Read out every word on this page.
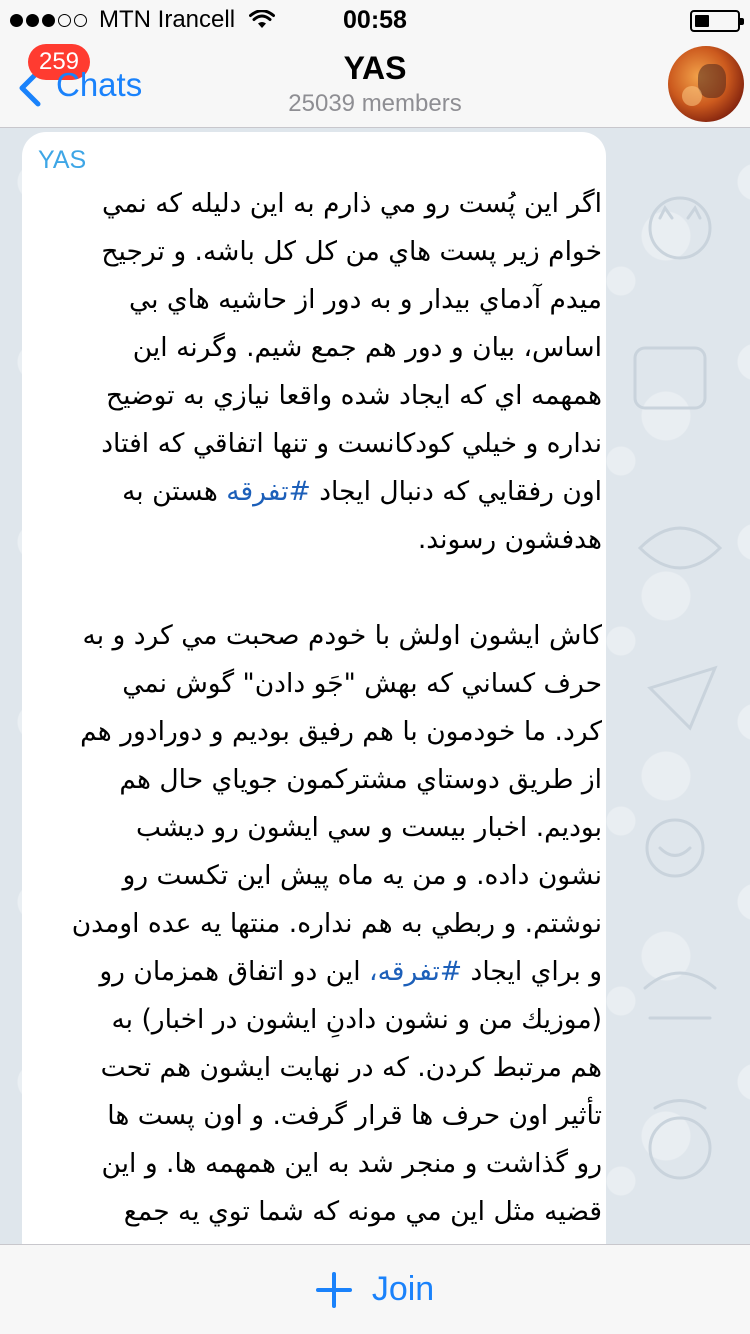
MTN Irancell	00:58
259
Chats	YAS
25039 members
YAS
اگر اين پُست رو مي ذارم به اين دليله كه نمي
خوام زير پست هاي من كل كل باشه. و ترجيح
ميدم آدماي بيدار و به دور از حاشيه هاي بي
اساس، بيان و دور هم جمع شيم. وگرنه اين
همهمه اي كه ايجاد شده واقعا نيازي به توضيح
نداره و خيلي كودكانست و تنها اتفاقي كه افتاد
اون رفقايي كه دنبال ايجاد #تفرقه هستن به
هدفشون رسوند.
كاش ايشون اولش با خودم صحبت مي كرد و به
حرف كساني كه بهش "جَو دادن" گوش نمي
كرد. ما خودمون با هم رفيق بوديم و دورادور هم
از طريق دوستاي مشتركمون جوياي حال هم
بوديم. اخبار بيست و سي ايشون رو ديشب
نشون داده. و من يه ماه پيش اين تكست رو
نوشتم. و ربطي به هم نداره. منتها يه عده اومدن
و براي ايجاد #تفرقه، اين دو اتفاق همزمان رو
(موزيك من و نشون دادنِ ايشون در اخبار) به
هم مرتبط كردن. كه در نهايت ايشون هم تحت
تأثير اون حرف ها قرار گرفت. و اون پست ها
رو گذاشت و منجر شد به اين همهمه ها. و اين
قضيه مثل اين مي مونه كه شما توي يه جمع
Join
